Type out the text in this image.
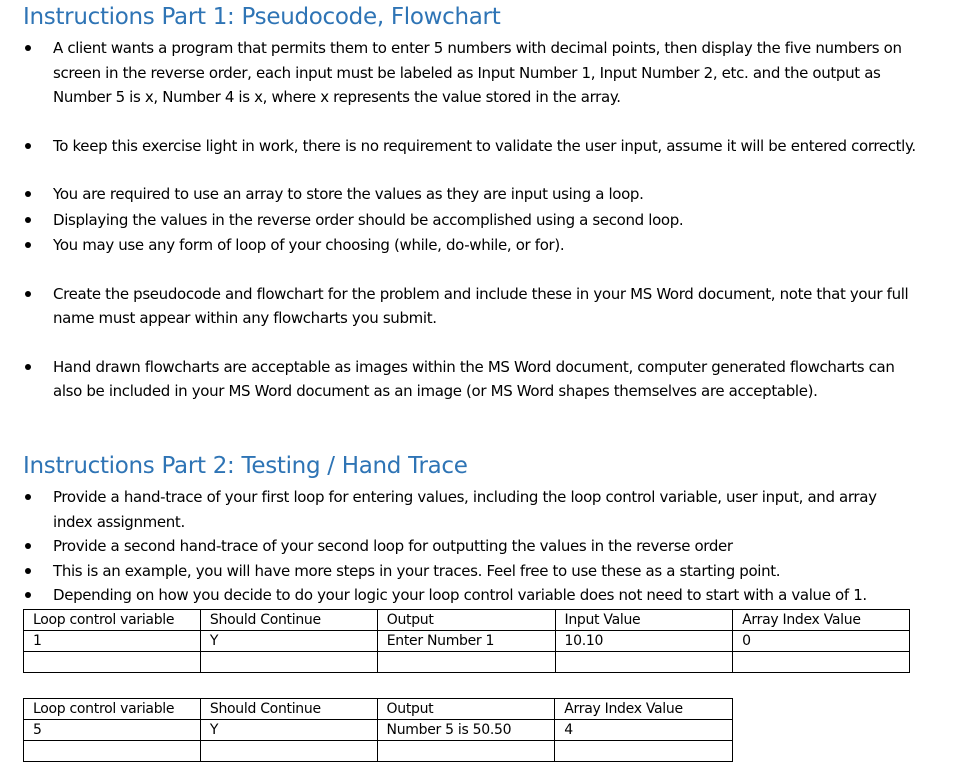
Instructions Part 1: Pseudocode, Flowchart
A client wants a program that permits them to enter 5 numbers with decimal points, then display the five numbers on screen in the reverse order, each input must be labeled as Input Number 1, Input Number 2, etc. and the output as Number 5 is x, Number 4 is x, where x represents the value stored in the array.
To keep this exercise light in work, there is no requirement to validate the user input, assume it will be entered correctly.
You are required to use an array to store the values as they are input using a loop.
Displaying the values in the reverse order should be accomplished using a second loop.
You may use any form of loop of your choosing (while, do-while, or for).
Create the pseudocode and flowchart for the problem and include these in your MS Word document, note that your full name must appear within any flowcharts you submit.
Hand drawn flowcharts are acceptable as images within the MS Word document, computer generated flowcharts can also be included in your MS Word document as an image (or MS Word shapes themselves are acceptable).
Instructions Part 2: Testing / Hand Trace
Provide a hand-trace of your first loop for entering values, including the loop control variable, user input, and array index assignment.
Provide a second hand-trace of your second loop for outputting the values in the reverse order
This is an example, you will have more steps in your traces. Feel free to use these as a starting point.
Depending on how you decide to do your logic your loop control variable does not need to start with a value of 1.
Loop control variable	Should Continue	Output	Input Value	Array Index Value
1	Y	Enter Number 1	10.10	0

Loop control variable	Should Continue	Output	Array Index Value
5	Y	Number 5 is 50.50	4
